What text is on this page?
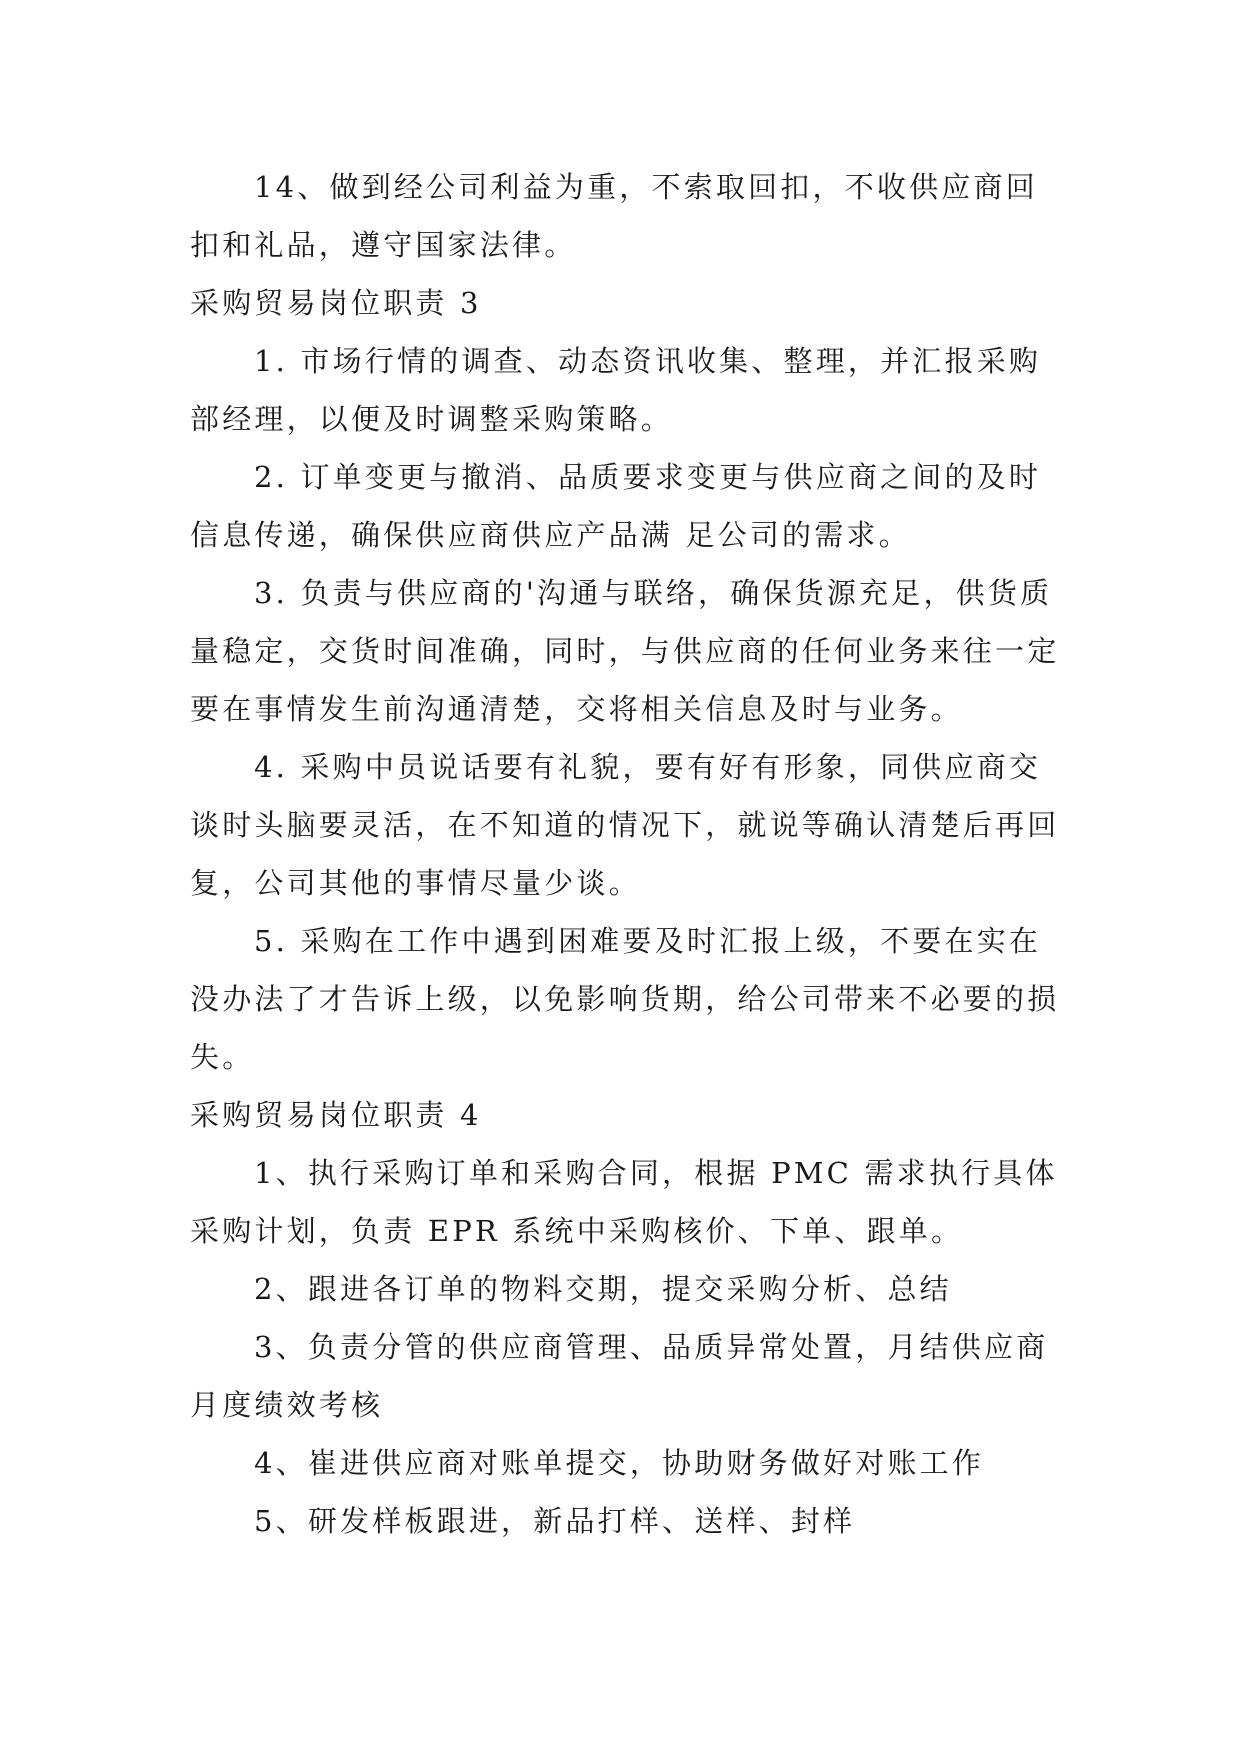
14、做到经公司利益为重，不索取回扣，不收供应商回扣和礼品，遵守国家法律。

采购贸易岗位职责 3

1. 市场行情的调查、动态资讯收集、整理，并汇报采购部经理，以便及时调整采购策略。

2. 订单变更与撤消、品质要求变更与供应商之间的及时信息传递，确保供应商供应产品满 足公司的需求。

3. 负责与供应商的'沟通与联络，确保货源充足，供货质量稳定，交货时间准确，同时，与供应商的任何业务来往一定要在事情发生前沟通清楚，交将相关信息及时与业务。

4. 采购中员说话要有礼貌，要有好有形象，同供应商交谈时头脑要灵活，在不知道的情况下，就说等确认清楚后再回复，公司其他的事情尽量少谈。

5. 采购在工作中遇到困难要及时汇报上级，不要在实在没办法了才告诉上级，以免影响货期，给公司带来不必要的损失。

采购贸易岗位职责 4

1、执行采购订单和采购合同，根据 PMC 需求执行具体采购计划，负责 EPR 系统中采购核价、下单、跟单。

2、跟进各订单的物料交期，提交采购分析、总结

3、负责分管的供应商管理、品质异常处置，月结供应商月度绩效考核

4、崔进供应商对账单提交，协助财务做好对账工作

5、研发样板跟进，新品打样、送样、封样
